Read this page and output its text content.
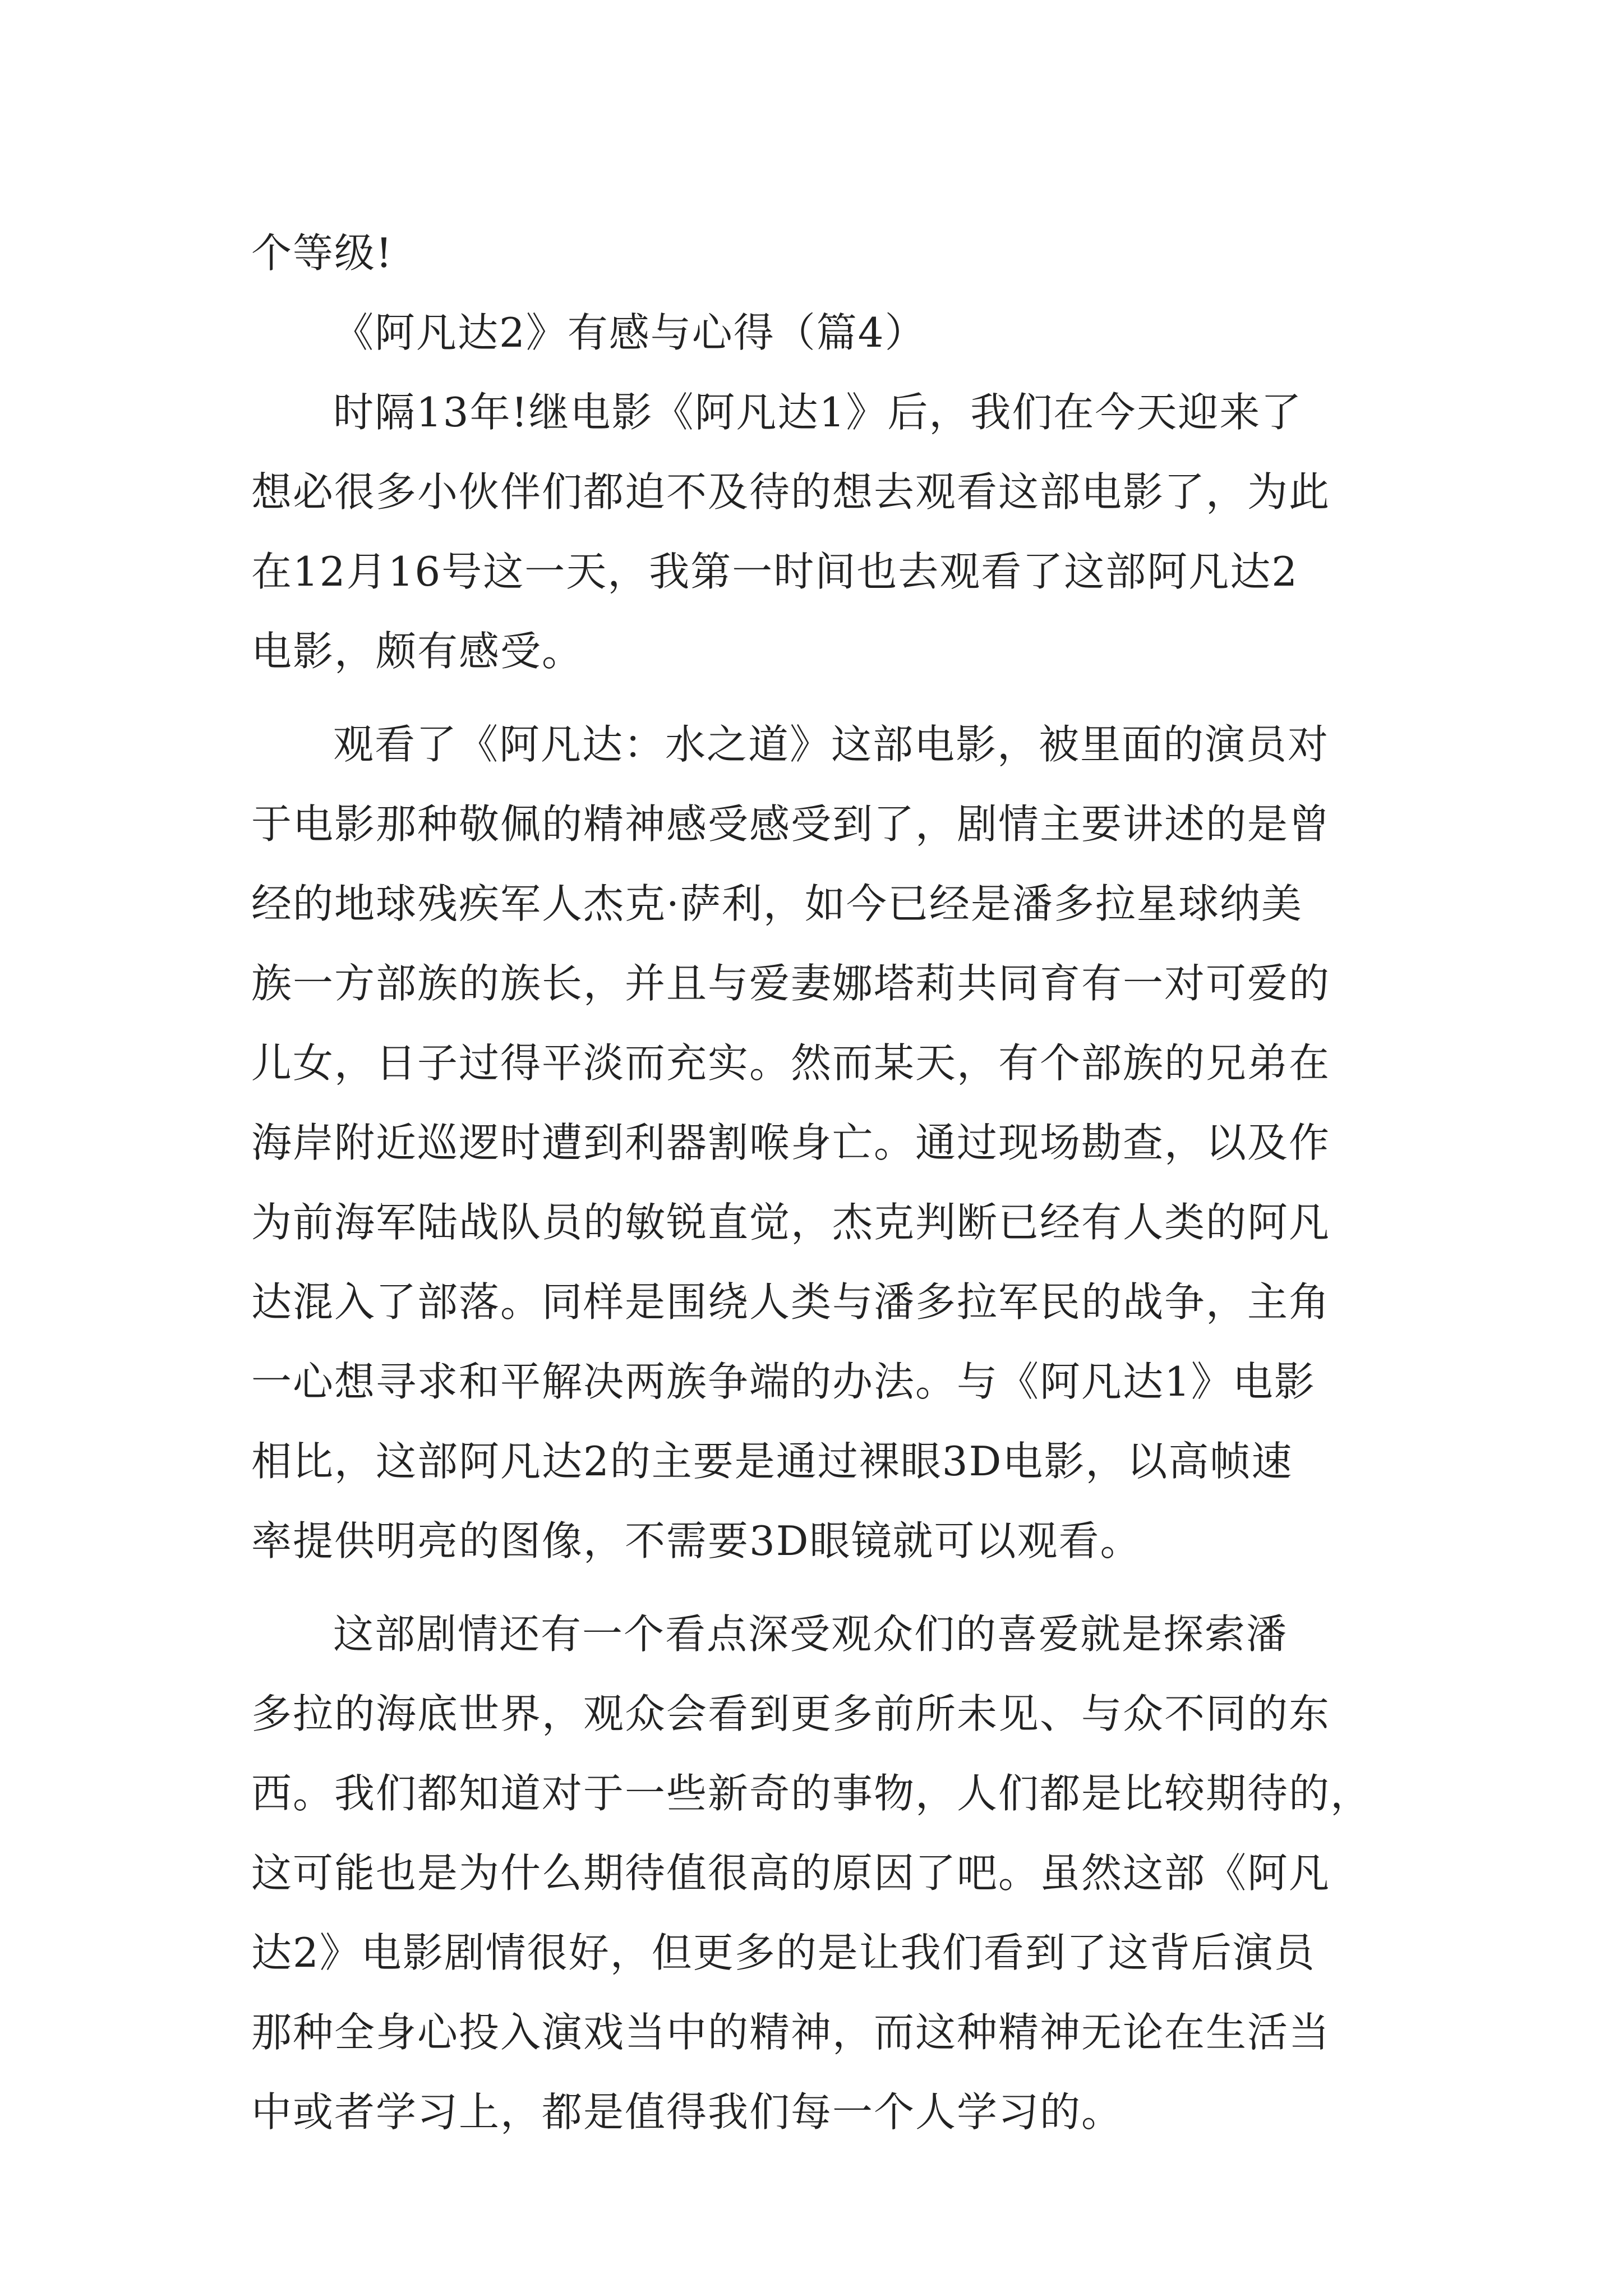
个等级!
《阿凡达2》有感与心得（篇4）
时隔13年!继电影《阿凡达1》后，我们在今天迎来了
想必很多小伙伴们都迫不及待的想去观看这部电影了，为此
在12月16号这一天，我第一时间也去观看了这部阿凡达2
电影，颇有感受。
观看了《阿凡达：水之道》这部电影，被里面的演员对
于电影那种敬佩的精神感受感受到了，剧情主要讲述的是曾
经的地球残疾军人杰克·萨利，如今已经是潘多拉星球纳美
族一方部族的族长，并且与爱妻娜塔莉共同育有一对可爱的
儿女，日子过得平淡而充实。然而某天，有个部族的兄弟在
海岸附近巡逻时遭到利器割喉身亡。通过现场勘查，以及作
为前海军陆战队员的敏锐直觉，杰克判断已经有人类的阿凡
达混入了部落。同样是围绕人类与潘多拉军民的战争，主角
一心想寻求和平解决两族争端的办法。与《阿凡达1》电影
相比，这部阿凡达2的主要是通过裸眼3D电影，以高帧速
率提供明亮的图像，不需要3D眼镜就可以观看。
这部剧情还有一个看点深受观众们的喜爱就是探索潘
多拉的海底世界，观众会看到更多前所未见、与众不同的东
西。我们都知道对于一些新奇的事物，人们都是比较期待的，
这可能也是为什么期待值很高的原因了吧。虽然这部《阿凡
达2》电影剧情很好，但更多的是让我们看到了这背后演员
那种全身心投入演戏当中的精神，而这种精神无论在生活当
中或者学习上，都是值得我们每一个人学习的。
